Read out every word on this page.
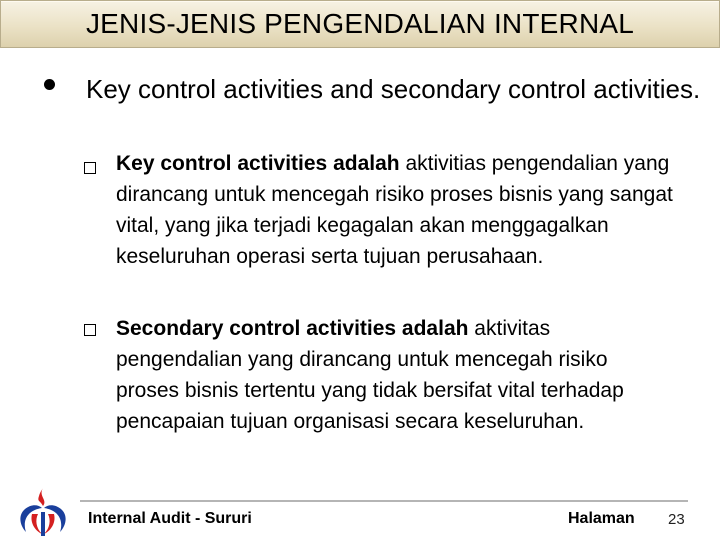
JENIS-JENIS PENGENDALIAN INTERNAL
Key control activities and secondary control activities.
Key control activities adalah aktivitias pengendalian yang dirancang untuk mencegah risiko proses bisnis yang sangat vital, yang jika terjadi kegagalan akan menggagalkan keseluruhan operasi serta tujuan perusahaan.
Secondary control activities adalah aktivitas pengendalian yang dirancang untuk mencegah risiko proses bisnis tertentu yang tidak bersifat vital terhadap pencapaian tujuan organisasi secara keseluruhan.
Internal Audit - Sururi	Halaman 23
